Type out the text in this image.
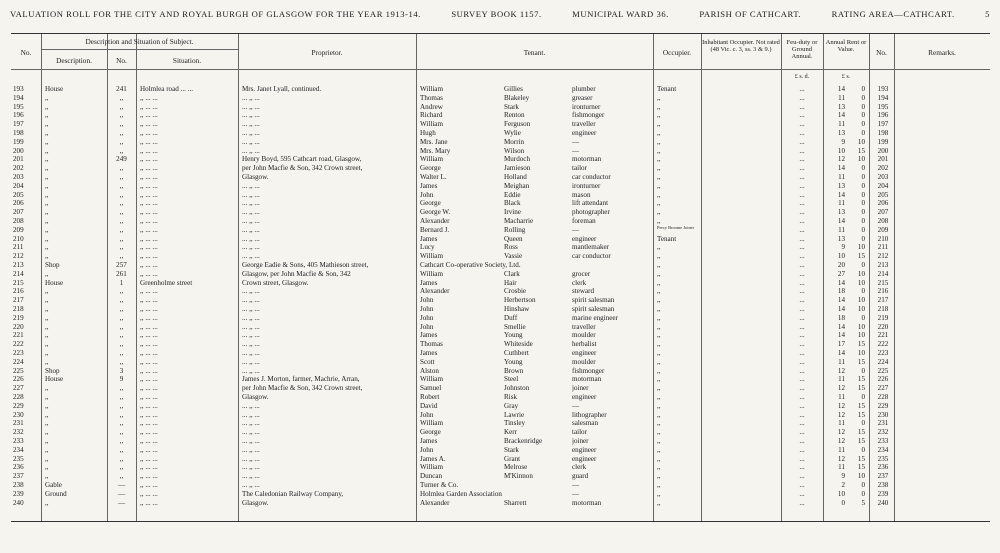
VALUATION ROLL FOR THE CITY AND ROYAL BURGH OF GLASGOW FOR THE YEAR 1913-14.	SURVEY BOOK 1157.	MUNICIPAL WARD 36.	PARISH OF CATHCART.	RATING AREA—CATHCART.	5
No.
Description and Situation of Subject.
Description.	No.	Situation.
Proprietor.	Tenant.	Occupier.
Inhabitant Occupier. Not rated (48 Vic. c. 3, ss. 3 & 9.)
Feu-duty or Ground Annual.
Annual Rent or Value.	No.	Remarks.
£ s. d.	£ s.
193	House	241	Holmlea road ... ...	Mrs. Janet Lyall, continued.	William	Gillies	plumber	Tenant	...	14	0	193
194	,,	,,	,, ... ...	... ,, ...	Thomas	Blakeley	greaser	,,	...	11	0	194
195	,,	,,	,, ... ...	... ,, ...	Andrew	Stark	ironturner	,,	...	13	0	195
196	,,	,,	,, ... ...	... ,, ...	Richard	Renton	fishmonger	,,	...	14	0	196
197	,,	,,	,, ... ...	... ,, ...	William	Ferguson	traveller	,,	...	11	0	197
198	,,	,,	,, ... ...	... ,, ...	Hugh	Wylie	engineer	,,	...	13	0	198
199	,,	,,	,, ... ...	... ,, ...	Mrs. Jane	Morrin	—	,,	...	9	10	199
200	,,	,,	,, ... ...	... ,, ...	Mrs. Mary	Wilson	—	,,	...	10	15	200
201	,,	249	,, ... ...	Henry Boyd, 595 Cathcart road, Glasgow,	William	Murdoch	motorman	,,	...	12	10	201
202	,,	,,	,, ... ...	per John Macfie & Son, 342 Crown street,	George	Jamieson	tailor	,,	...	14	0	202
203	,,	,,	,, ... ...	Glasgow.	Walter L.	Holland	car conductor	,,	...	11	0	203
204	,,	,,	,, ... ...	... ,, ...	James	Meighan	ironturner	,,	...	13	0	204
205	,,	,,	,, ... ...	... ,, ...	John	Eddie	mason	,,	...	14	0	205
206	,,	,,	,, ... ...	... ,, ...	George	Black	lift attendant	,,	...	11	0	206
207	,,	,,	,, ... ...	... ,, ...	George W.	Irvine	photographer	,,	...	13	0	207
208	,,	,,	,, ... ...	... ,, ...	Alexander	Macharrie	foreman	,,	...	14	0	208
209	,,	,,	,, ... ...	... ,, ...	Bernard J.	Rolling	—	Percy Broome Joiner	...	11	0	209
210	,,	,,	,, ... ...	... ,, ...	James	Queen	engineer	Tenant	...	13	0	210
211	,,	,,	,, ... ...	... ,, ...	Lucy	Ross	mantlemaker	,,	...	9	10	211
212	,,	,,	,, ... ...	... ,, ...	William	Vassie	car conductor	,,	...	10	15	212
213	Shop	257	,, ... ...	George Eadie & Sons, 405 Mathieson street,	Cathcart Co-operative Society, Ltd.	,,	...	20	0	213
214	,,	261	,, ... ...	Glasgow, per John Macfie & Son, 342	William	Clark	grocer	,,	...	27	10	214
215	House	1	Greenholme street	Crown street, Glasgow.	James	Hair	clerk	,,	...	14	10	215
216	,,	,,	,, ... ...	... ,, ...	Alexander	Crosbie	steward	,,	...	18	0	216
217	,,	,,	,, ... ...	... ,, ...	John	Herbertson	spirit salesman	,,	...	14	10	217
218	,,	,,	,, ... ...	... ,, ...	John	Hinshaw	spirit salesman	,,	...	14	10	218
219	,,	,,	,, ... ...	... ,, ...	John	Duff	marine engineer	,,	...	18	0	219
220	,,	,,	,, ... ...	... ,, ...	John	Smellie	traveller	,,	...	14	10	220
221	,,	,,	,, ... ...	... ,, ...	James	Young	moulder	,,	...	14	10	221
222	,,	,,	,, ... ...	... ,, ...	Thomas	Whiteside	herbalist	,,	...	17	15	222
223	,,	,,	,, ... ...	... ,, ...	James	Cuthbert	engineer	,,	...	14	10	223
224	,,	,,	,, ... ...	... ,, ...	Scott	Young	moulder	,,	...	11	15	224
225	Shop	3	,, ... ...	... ,, ...	Alston	Brown	fishmonger	,,	...	12	0	225
226	House	9	,, ... ...	James J. Morton, farmer, Machrie, Arran,	William	Steel	motorman	,,	...	11	15	226
227	,,	,,	,, ... ...	per John Macfie & Son, 342 Crown street,	Samuel	Johnston	joiner	,,	...	12	15	227
228	,,	,,	,, ... ...	Glasgow.	Robert	Risk	engineer	,,	...	11	0	228
229	,,	,,	,, ... ...	... ,, ...	David	Gray	—	,,	...	12	15	229
230	,,	,,	,, ... ...	... ,, ...	John	Lawrie	lithographer	,,	...	12	15	230
231	,,	,,	,, ... ...	... ,, ...	William	Tinsley	salesman	,,	...	11	0	231
232	,,	,,	,, ... ...	... ,, ...	George	Kerr	tailor	,,	...	12	15	232
233	,,	,,	,, ... ...	... ,, ...	James	Brackenridge	joiner	,,	...	12	15	233
234	,,	,,	,, ... ...	... ,, ...	John	Stark	engineer	,,	...	11	0	234
235	,,	,,	,, ... ...	... ,, ...	James A.	Grant	engineer	,,	...	12	15	235
236	,,	,,	,, ... ...	... ,, ...	William	Melrose	clerk	,,	...	11	15	236
237	,,	,,	,, ... ...	... ,, ...	Duncan	M'Kinnon	guard	,,	...	9	10	237
238	Gable	—	,, ... ...	... ,, ...	Turner & Co.	—	,,	...	2	0	238
239	Ground	—	,, ... ...	The Caledonian Railway Company,	Holmlea Garden Association	—	,,	...	10	0	239
240	,,	—	,, ... ...	Glasgow.	Alexander	Sharrett	motorman	,,	...	0	5	240
